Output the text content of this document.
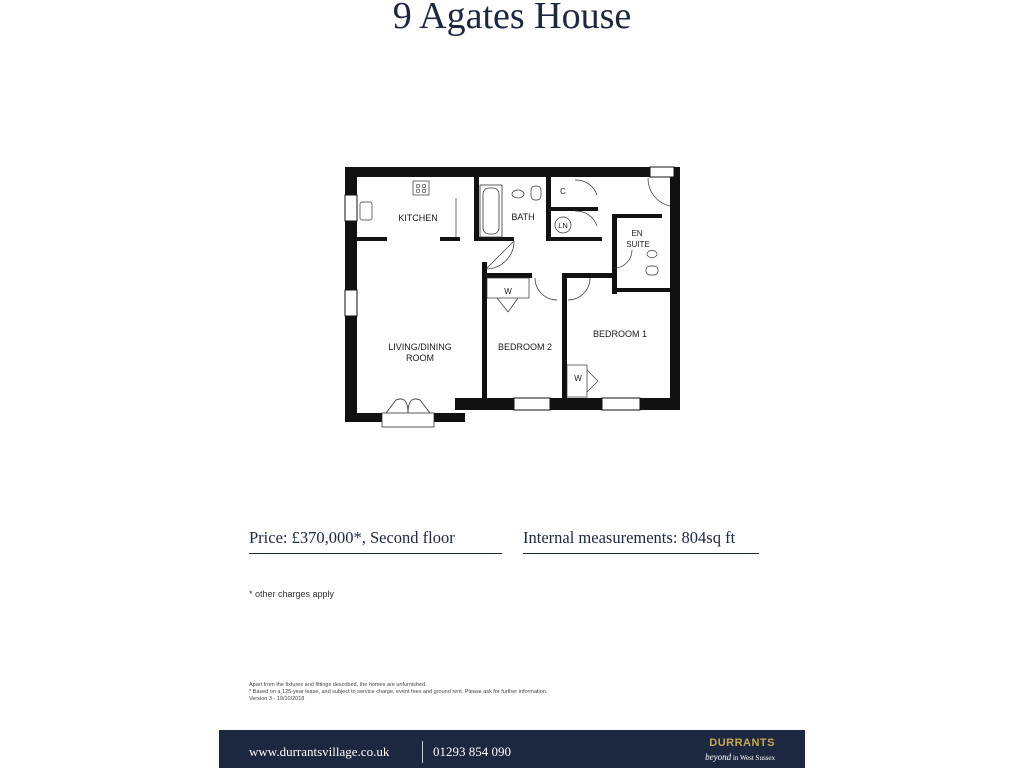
9 Agates House
KITCHEN	BATH
C
LN
EN
SUITE
LIVING/DINING
ROOM
BEDROOM 2
BEDROOM 1
W
W
Price: £370,000*, Second floor	Internal measurements: 804sq ft
* other charges apply
Apart from the fixtures and fittings described, the homes are unfurnished.
* Based on a 125-year lease, and subject to service charge, event fees and ground rent. Please ask for further information.
Version 3 - 19/10/2018
www.durrantsvillage.co.uk	01293 854 090
DURRANTS
beyond in West Sussex
